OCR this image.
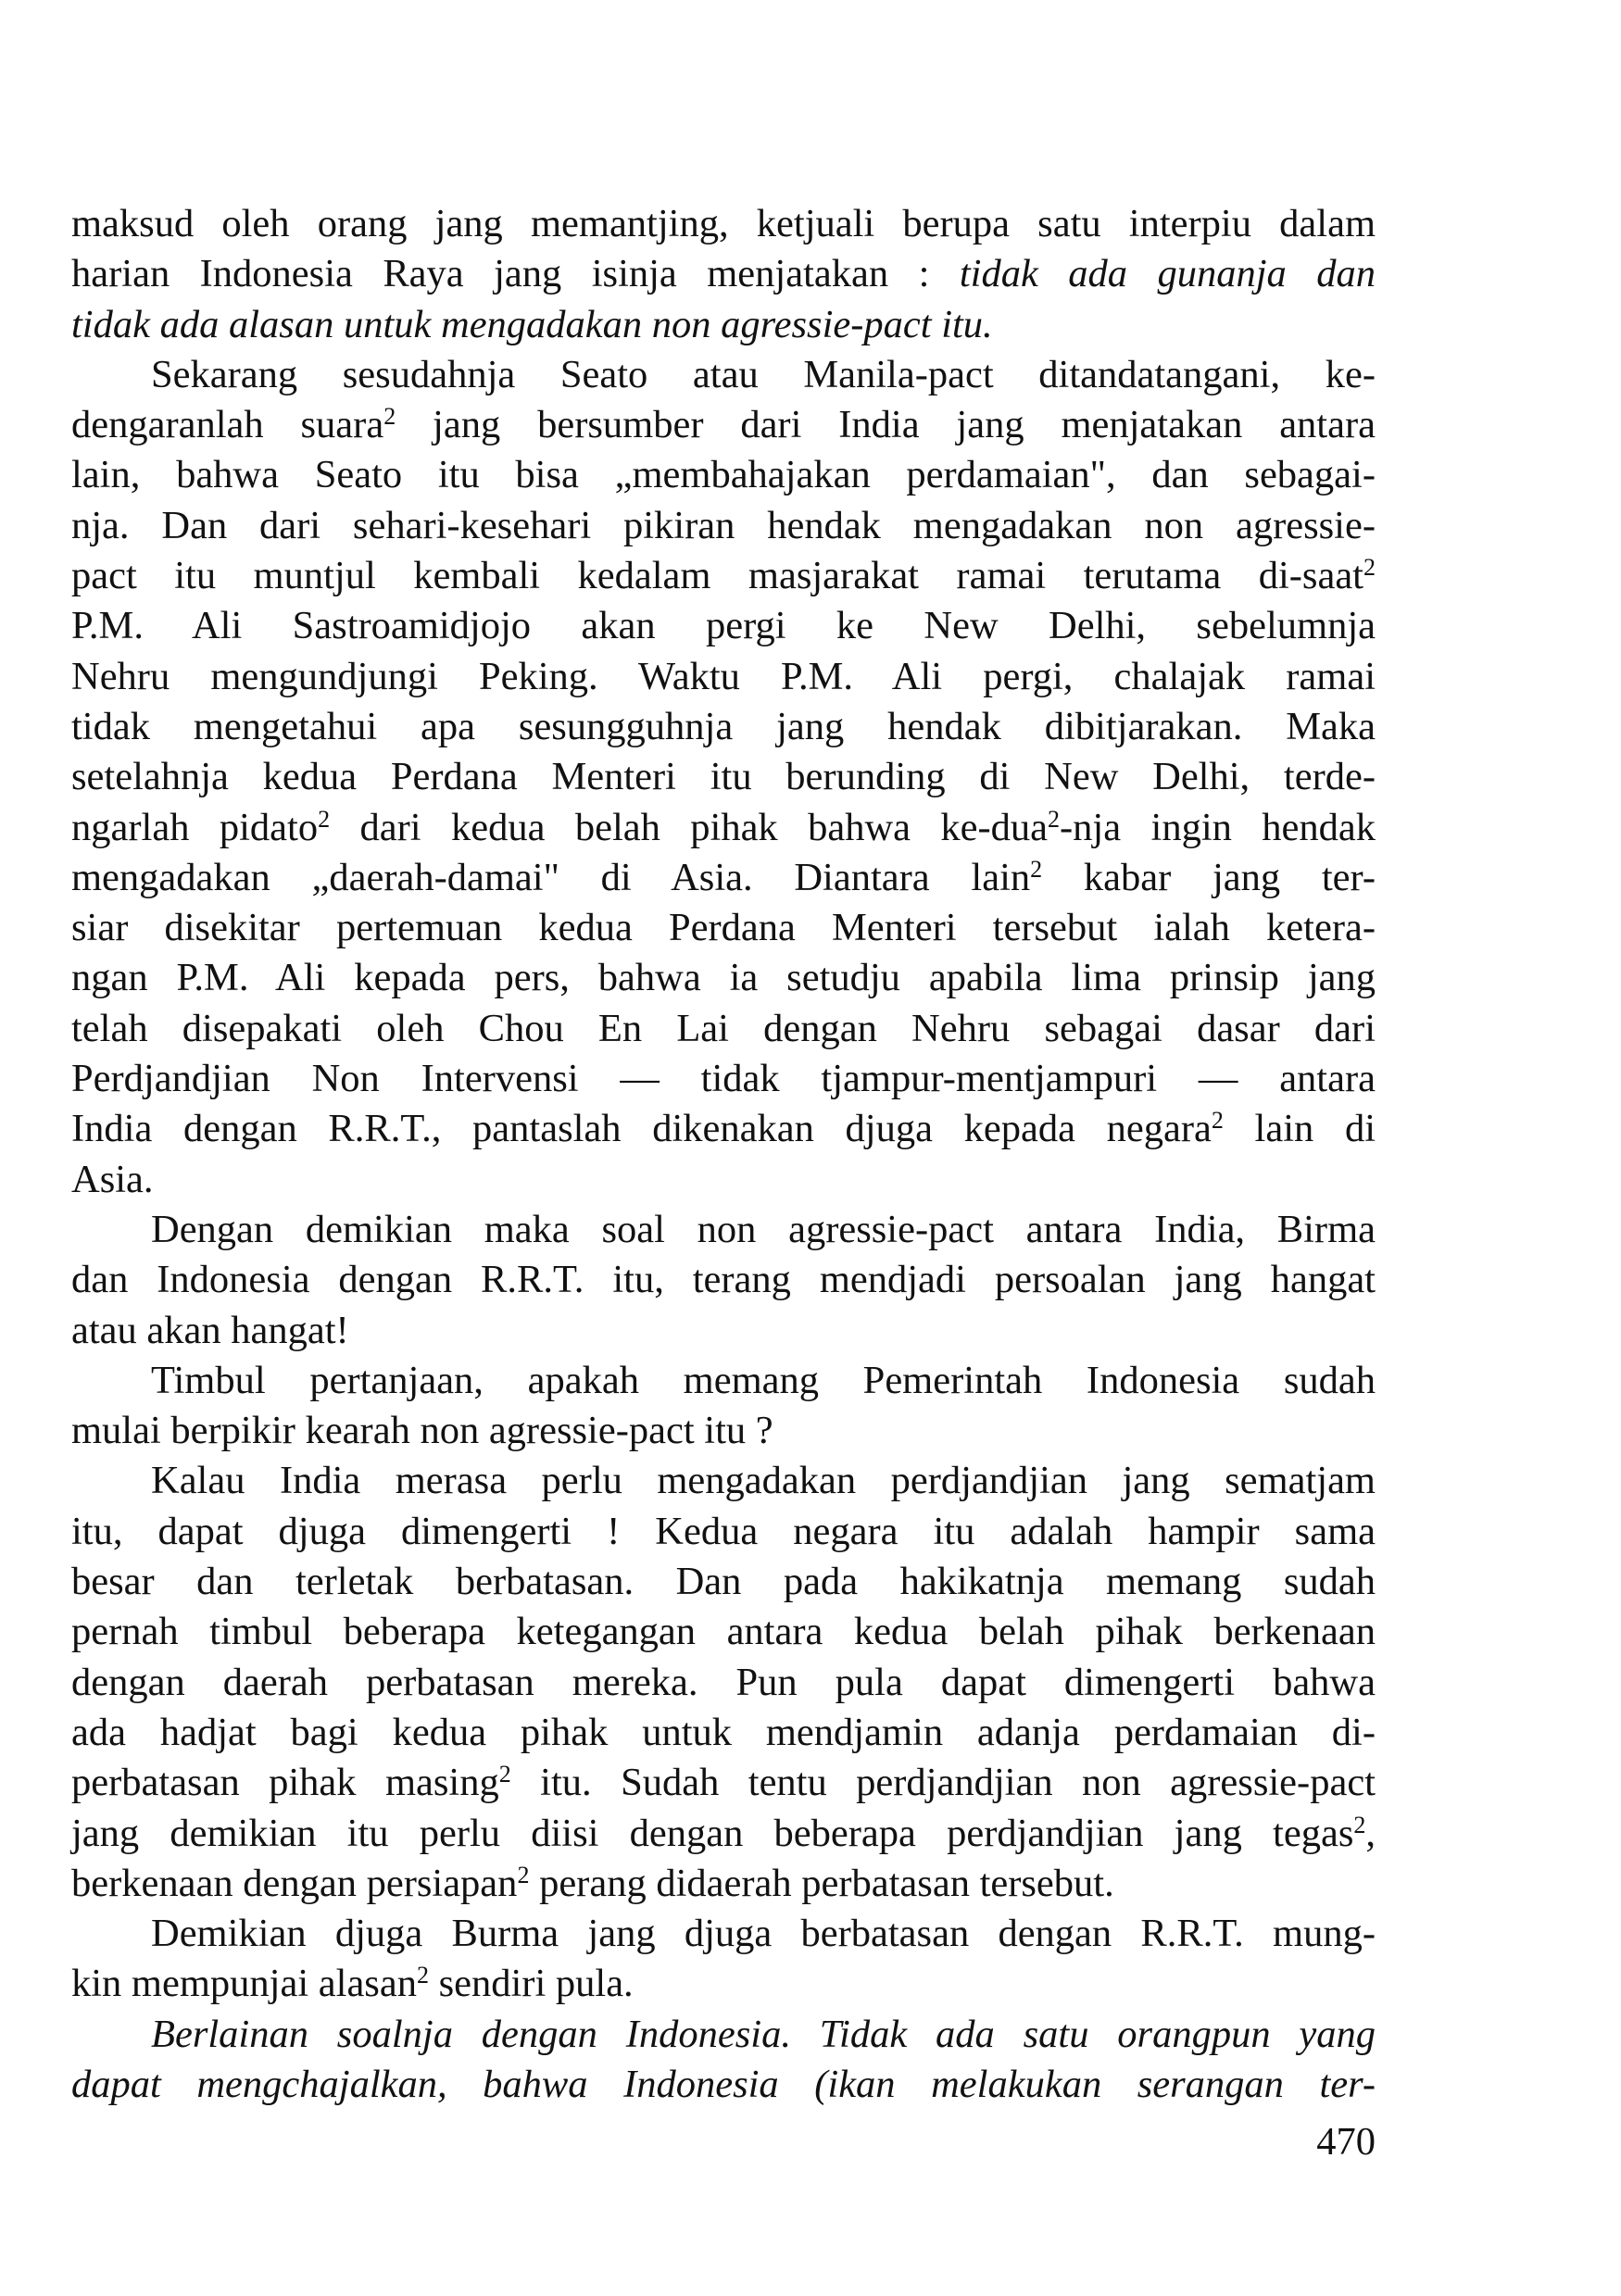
maksud oleh orang jang memantjing, ketjuali berupa satu interpiu dalam
harian Indonesia Raya jang isinja menjatakan : tidak ada gunanja dan
tidak ada alasan untuk mengadakan non agressie-pact itu.

Sekarang sesudahnja Seato atau Manila-pact ditandatangani, ke-
dengaranlah suara$^2$ jang bersumber dari India jang menjatakan antara
lain, bahwa Seato itu bisa „membahajakan perdamaian", dan sebagai-
nja. Dan dari sehari-kesehari pikiran hendak mengadakan non agressie-
pact itu muntjul kembali kedalam masjarakat ramai terutama di-saat$^2$
P.M. Ali Sastroamidjojo akan pergi ke New Delhi, sebelumnja
Nehru mengundjungi Peking. Waktu P.M. Ali pergi, chalajak ramai
tidak mengetahui apa sesungguhnja jang hendak dibitjarakan. Maka
setelahnja kedua Perdana Menteri itu berunding di New Delhi, terde-
ngarlah pidato$^2$ dari kedua belah pihak bahwa ke-dua$^2$-nja ingin hendak
mengadakan „daerah-damai" di Asia. Diantara lain$^2$ kabar jang ter-
siar disekitar pertemuan kedua Perdana Menteri tersebut ialah ketera-
ngan P.M. Ali kepada pers, bahwa ia setudju apabila lima prinsip jang
telah disepakati oleh Chou En Lai dengan Nehru sebagai dasar dari
Perdjandjian Non Intervensi — tidak tjampur-mentjampuri — antara
India dengan R.R.T., pantaslah dikenakan djuga kepada negara$^2$ lain di
Asia.

Dengan demikian maka soal non agressie-pact antara India, Birma
dan Indonesia dengan R.R.T. itu, terang mendjadi persoalan jang hangat
atau akan hangat!

Timbul pertanjaan, apakah memang Pemerintah Indonesia sudah
mulai berpikir kearah non agressie-pact itu ?

Kalau India merasa perlu mengadakan perdjandjian jang sematjam
itu, dapat djuga dimengerti ! Kedua negara itu adalah hampir sama
besar dan terletak berbatasan. Dan pada hakikatnja memang sudah
pernah timbul beberapa ketegangan antara kedua belah pihak berkenaan
dengan daerah perbatasan mereka. Pun pula dapat dimengerti bahwa
ada hadjat bagi kedua pihak untuk mendjamin adanja perdamaian di-
perbatasan pihak masing$^2$ itu. Sudah tentu perdjandjian non agressie-pact
jang demikian itu perlu diisi dengan beberapa perdjandjian jang tegas$^2$,
berkenaan dengan persiapan$^2$ perang didaerah perbatasan tersebut.

Demikian djuga Burma jang djuga berbatasan dengan R.R.T. mung-
kin mempunjai alasan$^2$ sendiri pula.

Berlainan soalnja dengan Indonesia. Tidak ada satu orangpun yang
dapat mengchajalkan, bahwa Indonesia (ikan melakukan serangan ter-

470
